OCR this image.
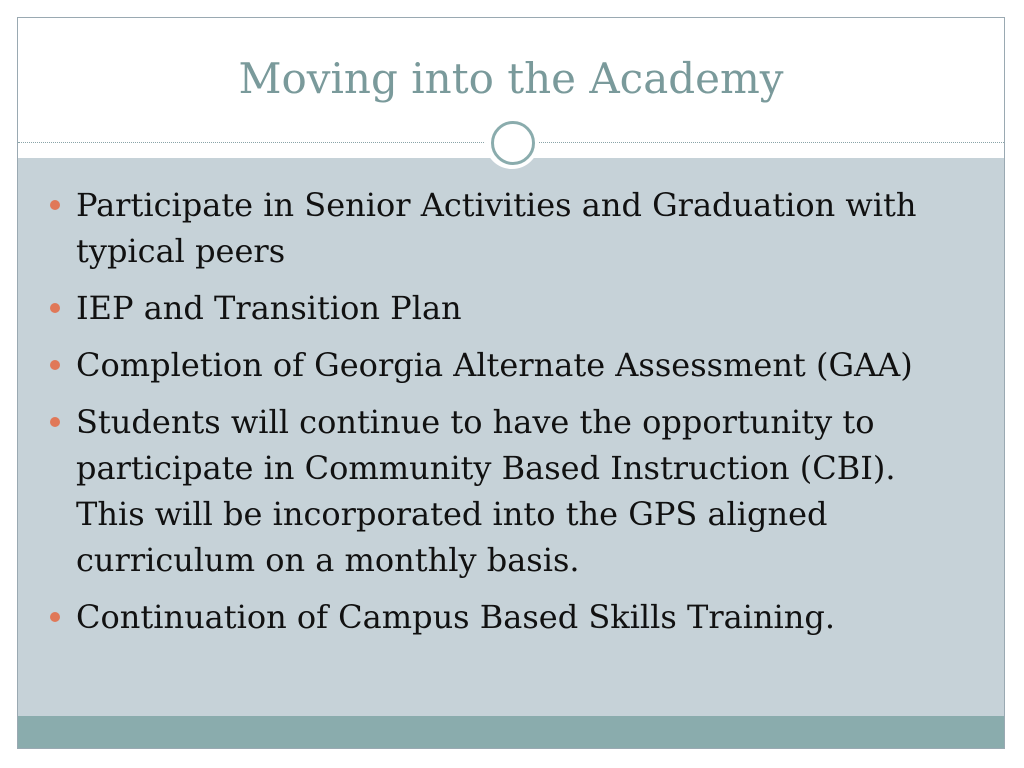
Moving into the Academy
Participate in Senior Activities and Graduation with typical peers
IEP and Transition Plan
Completion of Georgia Alternate Assessment (GAA)
Students will continue to have the opportunity to participate in Community Based Instruction (CBI). This will be incorporated into the GPS aligned curriculum on a monthly basis.
Continuation of Campus Based Skills Training.
